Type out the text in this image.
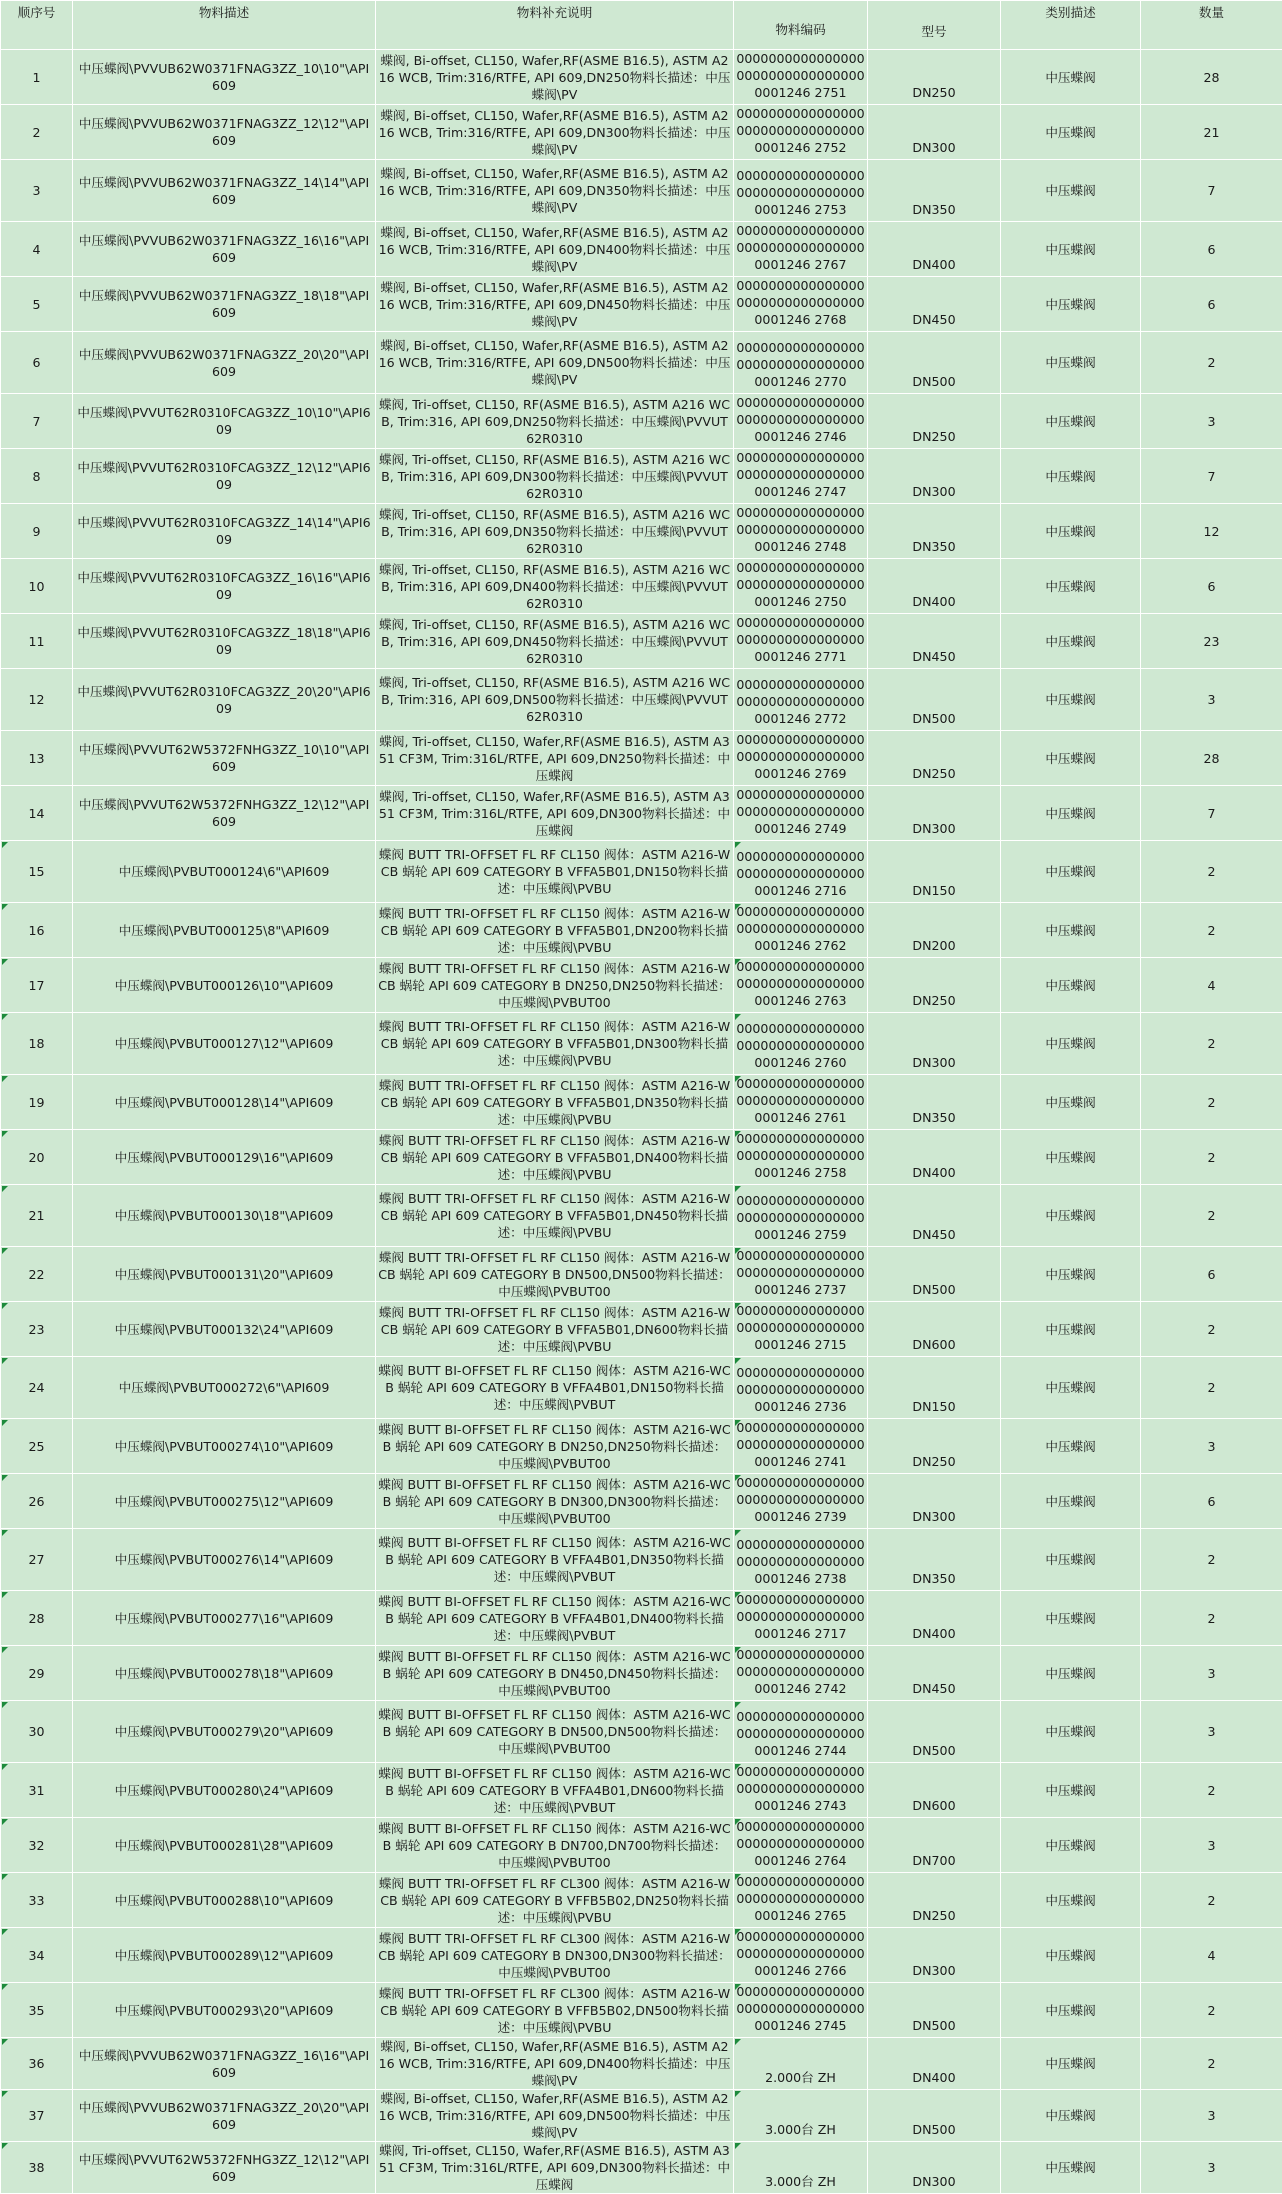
顺序号	物料描述	物料补充说明	物料编码	型号	类别描述	数量
1	中压蝶阀\PVVUB62W0371FNAG3ZZ_10\10"\API609	蝶阀, Bi-offset, CL150, Wafer,RF(ASME B16.5), ASTM A216 WCB, Trim:316/RTFE, API 609,DN250物料长描述：中压蝶阀\PV	000000000000000000000000000000000001246 2751	DN250	中压蝶阀	28
2	中压蝶阀\PVVUB62W0371FNAG3ZZ_12\12"\API609	蝶阀, Bi-offset, CL150, Wafer,RF(ASME B16.5), ASTM A216 WCB, Trim:316/RTFE, API 609,DN300物料长描述：中压蝶阀\PV	000000000000000000000000000000000001246 2752	DN300	中压蝶阀	21
3	中压蝶阀\PVVUB62W0371FNAG3ZZ_14\14"\API609	蝶阀, Bi-offset, CL150, Wafer,RF(ASME B16.5), ASTM A216 WCB, Trim:316/RTFE, API 609,DN350物料长描述：中压蝶阀\PV	000000000000000000000000000000000001246 2753	DN350	中压蝶阀	7
4	中压蝶阀\PVVUB62W0371FNAG3ZZ_16\16"\API609	蝶阀, Bi-offset, CL150, Wafer,RF(ASME B16.5), ASTM A216 WCB, Trim:316/RTFE, API 609,DN400物料长描述：中压蝶阀\PV	000000000000000000000000000000000001246 2767	DN400	中压蝶阀	6
5	中压蝶阀\PVVUB62W0371FNAG3ZZ_18\18"\API609	蝶阀, Bi-offset, CL150, Wafer,RF(ASME B16.5), ASTM A216 WCB, Trim:316/RTFE, API 609,DN450物料长描述：中压蝶阀\PV	000000000000000000000000000000000001246 2768	DN450	中压蝶阀	6
6	中压蝶阀\PVVUB62W0371FNAG3ZZ_20\20"\API609	蝶阀, Bi-offset, CL150, Wafer,RF(ASME B16.5), ASTM A216 WCB, Trim:316/RTFE, API 609,DN500物料长描述：中压蝶阀\PV	000000000000000000000000000000000001246 2770	DN500	中压蝶阀	2
7	中压蝶阀\PVVUT62R0310FCAG3ZZ_10\10"\API609	蝶阀, Tri-offset, CL150, RF(ASME B16.5), ASTM A216 WCB, Trim:316, API 609,DN250物料长描述：中压蝶阀\PVVUT62R0310	000000000000000000000000000000000001246 2746	DN250	中压蝶阀	3
8	中压蝶阀\PVVUT62R0310FCAG3ZZ_12\12"\API609	蝶阀, Tri-offset, CL150, RF(ASME B16.5), ASTM A216 WCB, Trim:316, API 609,DN300物料长描述：中压蝶阀\PVVUT62R0310	000000000000000000000000000000000001246 2747	DN300	中压蝶阀	7
9	中压蝶阀\PVVUT62R0310FCAG3ZZ_14\14"\API609	蝶阀, Tri-offset, CL150, RF(ASME B16.5), ASTM A216 WCB, Trim:316, API 609,DN350物料长描述：中压蝶阀\PVVUT62R0310	000000000000000000000000000000000001246 2748	DN350	中压蝶阀	12
10	中压蝶阀\PVVUT62R0310FCAG3ZZ_16\16"\API609	蝶阀, Tri-offset, CL150, RF(ASME B16.5), ASTM A216 WCB, Trim:316, API 609,DN400物料长描述：中压蝶阀\PVVUT62R0310	000000000000000000000000000000000001246 2750	DN400	中压蝶阀	6
11	中压蝶阀\PVVUT62R0310FCAG3ZZ_18\18"\API609	蝶阀, Tri-offset, CL150, RF(ASME B16.5), ASTM A216 WCB, Trim:316, API 609,DN450物料长描述：中压蝶阀\PVVUT62R0310	000000000000000000000000000000000001246 2771	DN450	中压蝶阀	23
12	中压蝶阀\PVVUT62R0310FCAG3ZZ_20\20"\API609	蝶阀, Tri-offset, CL150, RF(ASME B16.5), ASTM A216 WCB, Trim:316, API 609,DN500物料长描述：中压蝶阀\PVVUT62R0310	000000000000000000000000000000000001246 2772	DN500	中压蝶阀	3
13	中压蝶阀\PVVUT62W5372FNHG3ZZ_10\10"\API609	蝶阀, Tri-offset, CL150, Wafer,RF(ASME B16.5), ASTM A351 CF3M, Trim:316L/RTFE, API 609,DN250物料长描述：中压蝶阀	000000000000000000000000000000000001246 2769	DN250	中压蝶阀	28
14	中压蝶阀\PVVUT62W5372FNHG3ZZ_12\12"\API609	蝶阀, Tri-offset, CL150, Wafer,RF(ASME B16.5), ASTM A351 CF3M, Trim:316L/RTFE, API 609,DN300物料长描述：中压蝶阀	000000000000000000000000000000000001246 2749	DN300	中压蝶阀	7
15	中压蝶阀\PVBUT000124\6"\API609	蝶阀 BUTT TRI-OFFSET FL RF CL150 阀体：ASTM A216-WCB 蜗轮 API 609 CATEGORY B VFFA5B01,DN150物料长描述：中压蝶阀\PVBU	000000000000000000000000000000000001246 2716	DN150	中压蝶阀	2
16	中压蝶阀\PVBUT000125\8"\API609	蝶阀 BUTT TRI-OFFSET FL RF CL150 阀体：ASTM A216-WCB 蜗轮 API 609 CATEGORY B VFFA5B01,DN200物料长描述：中压蝶阀\PVBU	000000000000000000000000000000000001246 2762	DN200	中压蝶阀	2
17	中压蝶阀\PVBUT000126\10"\API609	蝶阀 BUTT TRI-OFFSET FL RF CL150 阀体：ASTM A216-WCB 蜗轮 API 609 CATEGORY B DN250,DN250物料长描述：中压蝶阀\PVBUT00	000000000000000000000000000000000001246 2763	DN250	中压蝶阀	4
18	中压蝶阀\PVBUT000127\12"\API609	蝶阀 BUTT TRI-OFFSET FL RF CL150 阀体：ASTM A216-WCB 蜗轮 API 609 CATEGORY B VFFA5B01,DN300物料长描述：中压蝶阀\PVBU	000000000000000000000000000000000001246 2760	DN300	中压蝶阀	2
19	中压蝶阀\PVBUT000128\14"\API609	蝶阀 BUTT TRI-OFFSET FL RF CL150 阀体：ASTM A216-WCB 蜗轮 API 609 CATEGORY B VFFA5B01,DN350物料长描述：中压蝶阀\PVBU	000000000000000000000000000000000001246 2761	DN350	中压蝶阀	2
20	中压蝶阀\PVBUT000129\16"\API609	蝶阀 BUTT TRI-OFFSET FL RF CL150 阀体：ASTM A216-WCB 蜗轮 API 609 CATEGORY B VFFA5B01,DN400物料长描述：中压蝶阀\PVBU	000000000000000000000000000000000001246 2758	DN400	中压蝶阀	2
21	中压蝶阀\PVBUT000130\18"\API609	蝶阀 BUTT TRI-OFFSET FL RF CL150 阀体：ASTM A216-WCB 蜗轮 API 609 CATEGORY B VFFA5B01,DN450物料长描述：中压蝶阀\PVBU	000000000000000000000000000000000001246 2759	DN450	中压蝶阀	2
22	中压蝶阀\PVBUT000131\20"\API609	蝶阀 BUTT TRI-OFFSET FL RF CL150 阀体：ASTM A216-WCB 蜗轮 API 609 CATEGORY B DN500,DN500物料长描述：中压蝶阀\PVBUT00	000000000000000000000000000000000001246 2737	DN500	中压蝶阀	6
23	中压蝶阀\PVBUT000132\24"\API609	蝶阀 BUTT TRI-OFFSET FL RF CL150 阀体：ASTM A216-WCB 蜗轮 API 609 CATEGORY B VFFA5B01,DN600物料长描述：中压蝶阀\PVBU	000000000000000000000000000000000001246 2715	DN600	中压蝶阀	2
24	中压蝶阀\PVBUT000272\6"\API609	蝶阀 BUTT BI-OFFSET FL RF CL150 阀体：ASTM A216-WCB 蜗轮 API 609 CATEGORY B VFFA4B01,DN150物料长描述：中压蝶阀\PVBUT	000000000000000000000000000000000001246 2736	DN150	中压蝶阀	2
25	中压蝶阀\PVBUT000274\10"\API609	蝶阀 BUTT BI-OFFSET FL RF CL150 阀体：ASTM A216-WCB 蜗轮 API 609 CATEGORY B DN250,DN250物料长描述：中压蝶阀\PVBUT00	000000000000000000000000000000000001246 2741	DN250	中压蝶阀	3
26	中压蝶阀\PVBUT000275\12"\API609	蝶阀 BUTT BI-OFFSET FL RF CL150 阀体：ASTM A216-WCB 蜗轮 API 609 CATEGORY B DN300,DN300物料长描述：中压蝶阀\PVBUT00	000000000000000000000000000000000001246 2739	DN300	中压蝶阀	6
27	中压蝶阀\PVBUT000276\14"\API609	蝶阀 BUTT BI-OFFSET FL RF CL150 阀体：ASTM A216-WCB 蜗轮 API 609 CATEGORY B VFFA4B01,DN350物料长描述：中压蝶阀\PVBUT	000000000000000000000000000000000001246 2738	DN350	中压蝶阀	2
28	中压蝶阀\PVBUT000277\16"\API609	蝶阀 BUTT BI-OFFSET FL RF CL150 阀体：ASTM A216-WCB 蜗轮 API 609 CATEGORY B VFFA4B01,DN400物料长描述：中压蝶阀\PVBUT	000000000000000000000000000000000001246 2717	DN400	中压蝶阀	2
29	中压蝶阀\PVBUT000278\18"\API609	蝶阀 BUTT BI-OFFSET FL RF CL150 阀体：ASTM A216-WCB 蜗轮 API 609 CATEGORY B DN450,DN450物料长描述：中压蝶阀\PVBUT00	000000000000000000000000000000000001246 2742	DN450	中压蝶阀	3
30	中压蝶阀\PVBUT000279\20"\API609	蝶阀 BUTT BI-OFFSET FL RF CL150 阀体：ASTM A216-WCB 蜗轮 API 609 CATEGORY B DN500,DN500物料长描述：中压蝶阀\PVBUT00	000000000000000000000000000000000001246 2744	DN500	中压蝶阀	3
31	中压蝶阀\PVBUT000280\24"\API609	蝶阀 BUTT BI-OFFSET FL RF CL150 阀体：ASTM A216-WCB 蜗轮 API 609 CATEGORY B VFFA4B01,DN600物料长描述：中压蝶阀\PVBUT	000000000000000000000000000000000001246 2743	DN600	中压蝶阀	2
32	中压蝶阀\PVBUT000281\28"\API609	蝶阀 BUTT BI-OFFSET FL RF CL150 阀体：ASTM A216-WCB 蜗轮 API 609 CATEGORY B DN700,DN700物料长描述：中压蝶阀\PVBUT00	000000000000000000000000000000000001246 2764	DN700	中压蝶阀	3
33	中压蝶阀\PVBUT000288\10"\API609	蝶阀 BUTT TRI-OFFSET FL RF CL300 阀体：ASTM A216-WCB 蜗轮 API 609 CATEGORY B VFFB5B02,DN250物料长描述：中压蝶阀\PVBU	000000000000000000000000000000000001246 2765	DN250	中压蝶阀	2
34	中压蝶阀\PVBUT000289\12"\API609	蝶阀 BUTT TRI-OFFSET FL RF CL300 阀体：ASTM A216-WCB 蜗轮 API 609 CATEGORY B DN300,DN300物料长描述：中压蝶阀\PVBUT00	000000000000000000000000000000000001246 2766	DN300	中压蝶阀	4
35	中压蝶阀\PVBUT000293\20"\API609	蝶阀 BUTT TRI-OFFSET FL RF CL300 阀体：ASTM A216-WCB 蜗轮 API 609 CATEGORY B VFFB5B02,DN500物料长描述：中压蝶阀\PVBU	000000000000000000000000000000000001246 2745	DN500	中压蝶阀	2
36	中压蝶阀\PVVUB62W0371FNAG3ZZ_16\16"\API609	蝶阀, Bi-offset, CL150, Wafer,RF(ASME B16.5), ASTM A216 WCB, Trim:316/RTFE, API 609,DN400物料长描述：中压蝶阀\PV	2.000台 ZH	DN400	中压蝶阀	2
37	中压蝶阀\PVVUB62W0371FNAG3ZZ_20\20"\API609	蝶阀, Bi-offset, CL150, Wafer,RF(ASME B16.5), ASTM A216 WCB, Trim:316/RTFE, API 609,DN500物料长描述：中压蝶阀\PV	3.000台 ZH	DN500	中压蝶阀	3
38	中压蝶阀\PVVUT62W5372FNHG3ZZ_12\12"\API609	蝶阀, Tri-offset, CL150, Wafer,RF(ASME B16.5), ASTM A351 CF3M, Trim:316L/RTFE, API 609,DN300物料长描述：中压蝶阀	3.000台 ZH	DN300	中压蝶阀	3
